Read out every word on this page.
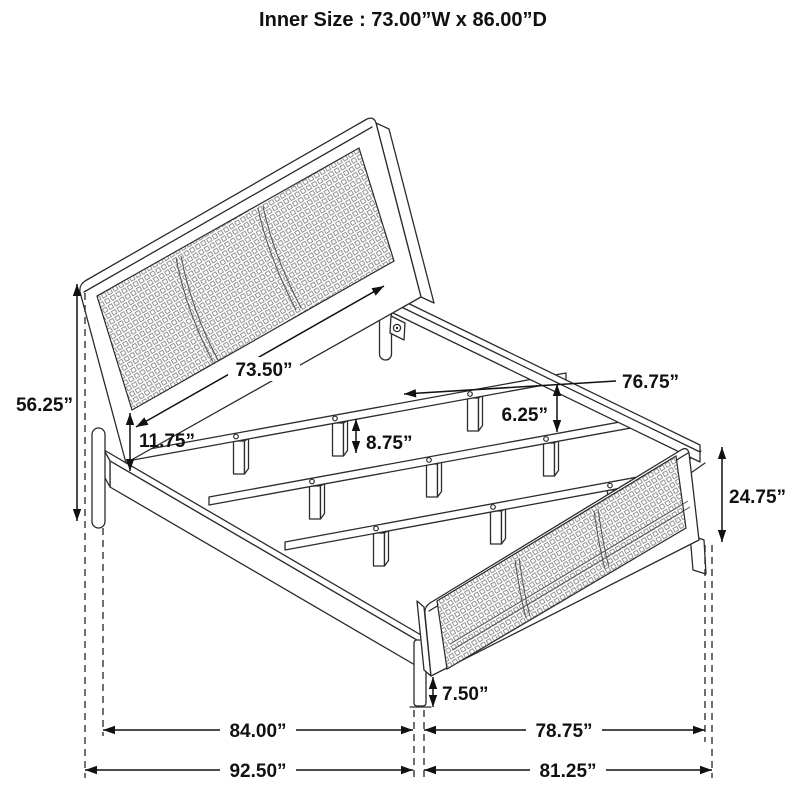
Inner Size : 73.00”W x 86.00”D
73.50”
76.75”
56.25”
11.75”	8.75”
6.25”
24.75”
7.50”
84.00”	78.75”
92.50”	81.25”
